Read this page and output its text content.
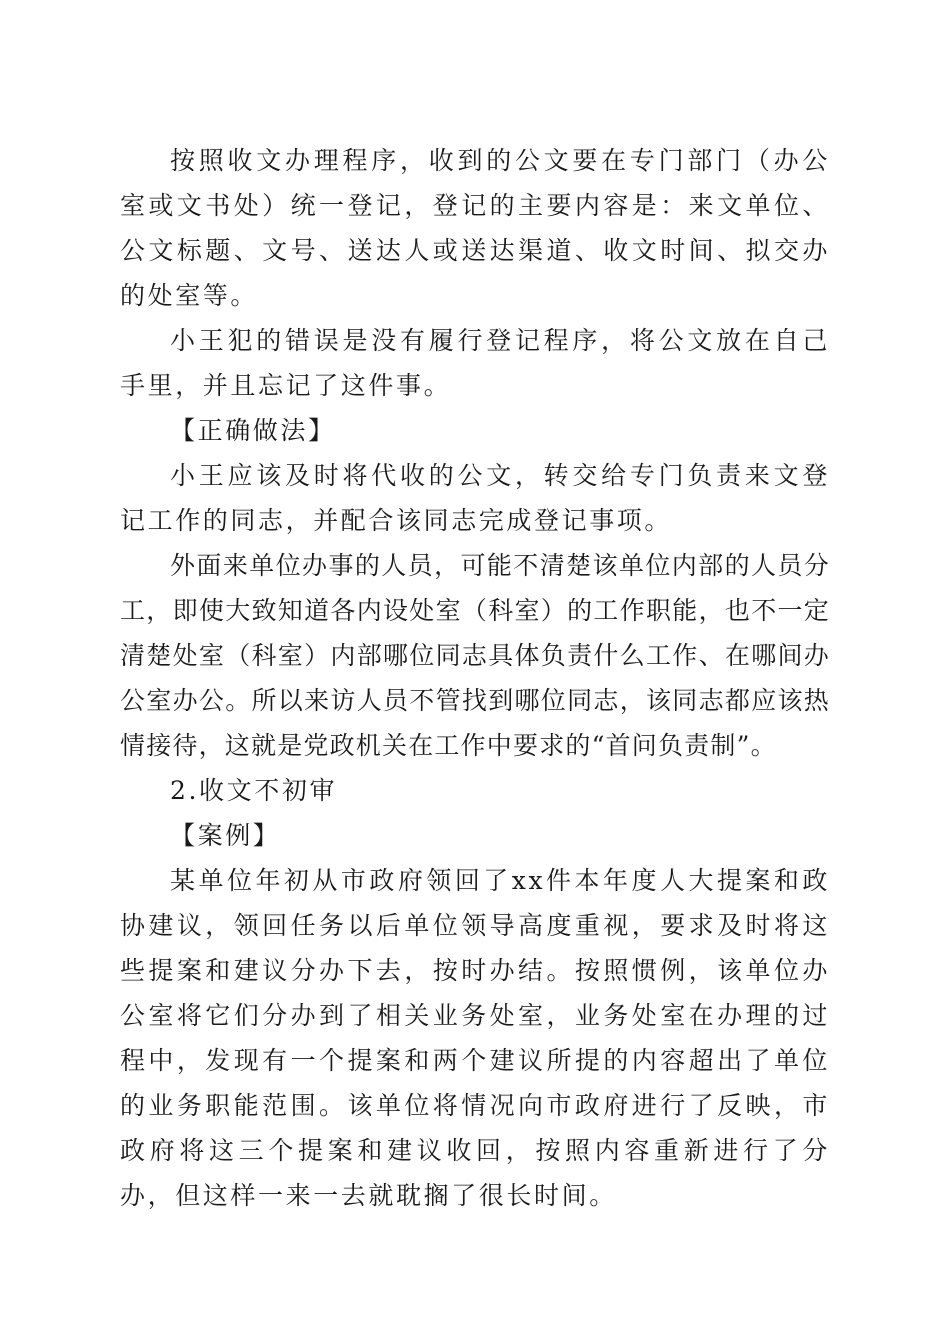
按照收文办理程序，收到的公文要在专门部门（办公室或文书处）统一登记，登记的主要内容是：来文单位、公文标题、文号、送达人或送达渠道、收文时间、拟交办的处室等。

小王犯的错误是没有履行登记程序，将公文放在自己手里，并且忘记了这件事。

【正确做法】

小王应该及时将代收的公文，转交给专门负责来文登记工作的同志，并配合该同志完成登记事项。

外面来单位办事的人员，可能不清楚该单位内部的人员分工，即使大致知道各内设处室（科室）的工作职能，也不一定清楚处室（科室）内部哪位同志具体负责什么工作、在哪间办公室办公。所以来访人员不管找到哪位同志，该同志都应该热情接待，这就是党政机关在工作中要求的“首问负责制”。

2.收文不初审

【案例】

某单位年初从市政府领回了xx件本年度人大提案和政协建议，领回任务以后单位领导高度重视，要求及时将这些提案和建议分办下去，按时办结。按照惯例，该单位办公室将它们分办到了相关业务处室，业务处室在办理的过程中，发现有一个提案和两个建议所提的内容超出了单位的业务职能范围。该单位将情况向市政府进行了反映，市政府将这三个提案和建议收回，按照内容重新进行了分办，但这样一来一去就耽搁了很长时间。
